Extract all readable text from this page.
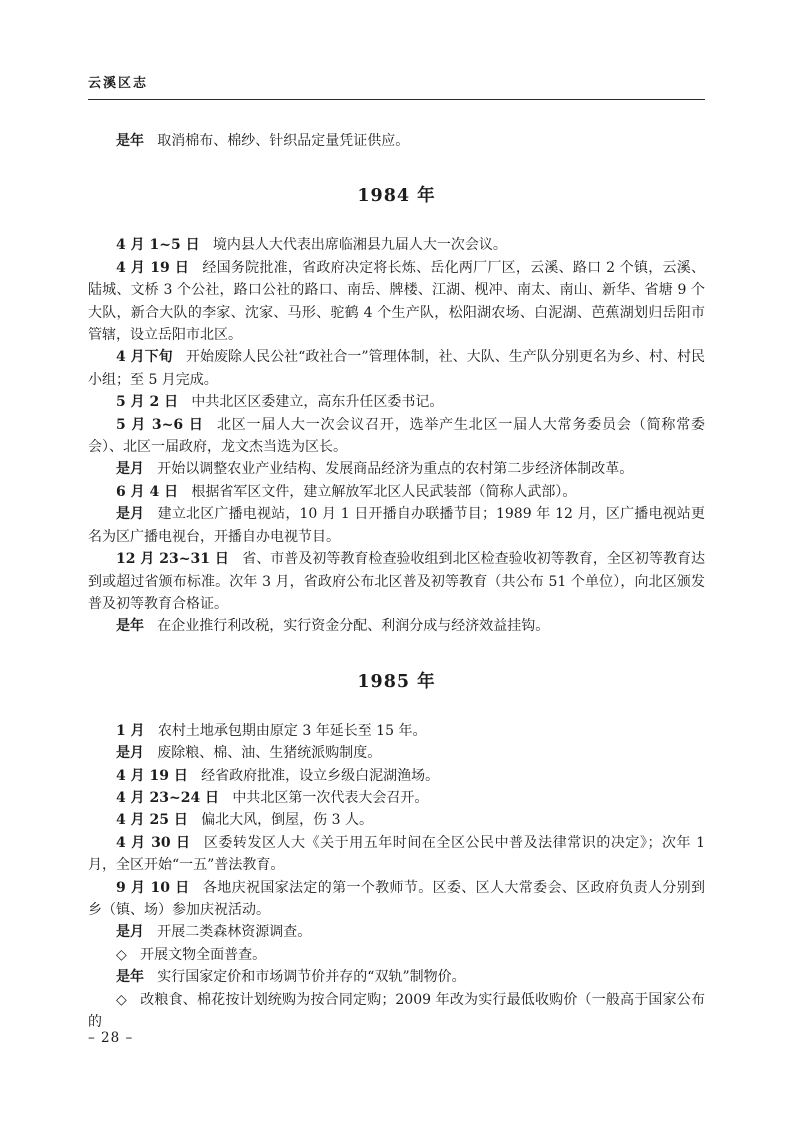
云溪区志

是年 取消棉布、棉纱、针织品定量凭证供应。

1984 年

4 月 1~5 日 境内县人大代表出席临湘县九届人大一次会议。

4 月 19 日 经国务院批准，省政府决定将长炼、岳化两厂厂区，云溪、路口 2 个镇，云溪、陆城、文桥 3 个公社，路口公社的路口、南岳、牌楼、江湖、枧冲、南太、南山、新华、省塘 9 个大队，新合大队的李家、沈家、马形、驼鹤 4 个生产队，松阳湖农场、白泥湖、芭蕉湖划归岳阳市管辖，设立岳阳市北区。

4 月下旬 开始废除人民公社“政社合一”管理体制，社、大队、生产队分别更名为乡、村、村民小组；至 5 月完成。

5 月 2 日 中共北区区委建立，高东升任区委书记。

5 月 3~6 日 北区一届人大一次会议召开，选举产生北区一届人大常务委员会（简称常委会）、北区一届政府，龙文杰当选为区长。

是月 开始以调整农业产业结构、发展商品经济为重点的农村第二步经济体制改革。

6 月 4 日 根据省军区文件，建立解放军北区人民武装部（简称人武部）。

是月 建立北区广播电视站，10 月 1 日开播自办联播节目；1989 年 12 月，区广播电视站更名为区广播电视台，开播自办电视节目。

12 月 23~31 日 省、市普及初等教育检查验收组到北区检查验收初等教育，全区初等教育达到或超过省颁布标准。次年 3 月，省政府公布北区普及初等教育（共公布 51 个单位），向北区颁发普及初等教育合格证。

是年 在企业推行利改税，实行资金分配、利润分成与经济效益挂钩。

1985 年

1 月 农村土地承包期由原定 3 年延长至 15 年。

是月 废除粮、棉、油、生猪统派购制度。

4 月 19 日 经省政府批准，设立乡级白泥湖渔场。

4 月 23~24 日 中共北区第一次代表大会召开。

4 月 25 日 偏北大风，倒屋，伤 3 人。

4 月 30 日 区委转发区人大《关于用五年时间在全区公民中普及法律常识的决定》；次年 1 月，全区开始“一五”普法教育。

9 月 10 日 各地庆祝国家法定的第一个教师节。区委、区人大常委会、区政府负责人分别到乡（镇、场）参加庆祝活动。

是月 开展二类森林资源调查。

◇ 开展文物全面普查。

是年 实行国家定价和市场调节价并存的“双轨”制物价。

◇ 改粮食、棉花按计划统购为按合同定购；2009 年改为实行最低收购价（一般高于国家公布的

– 28 –
